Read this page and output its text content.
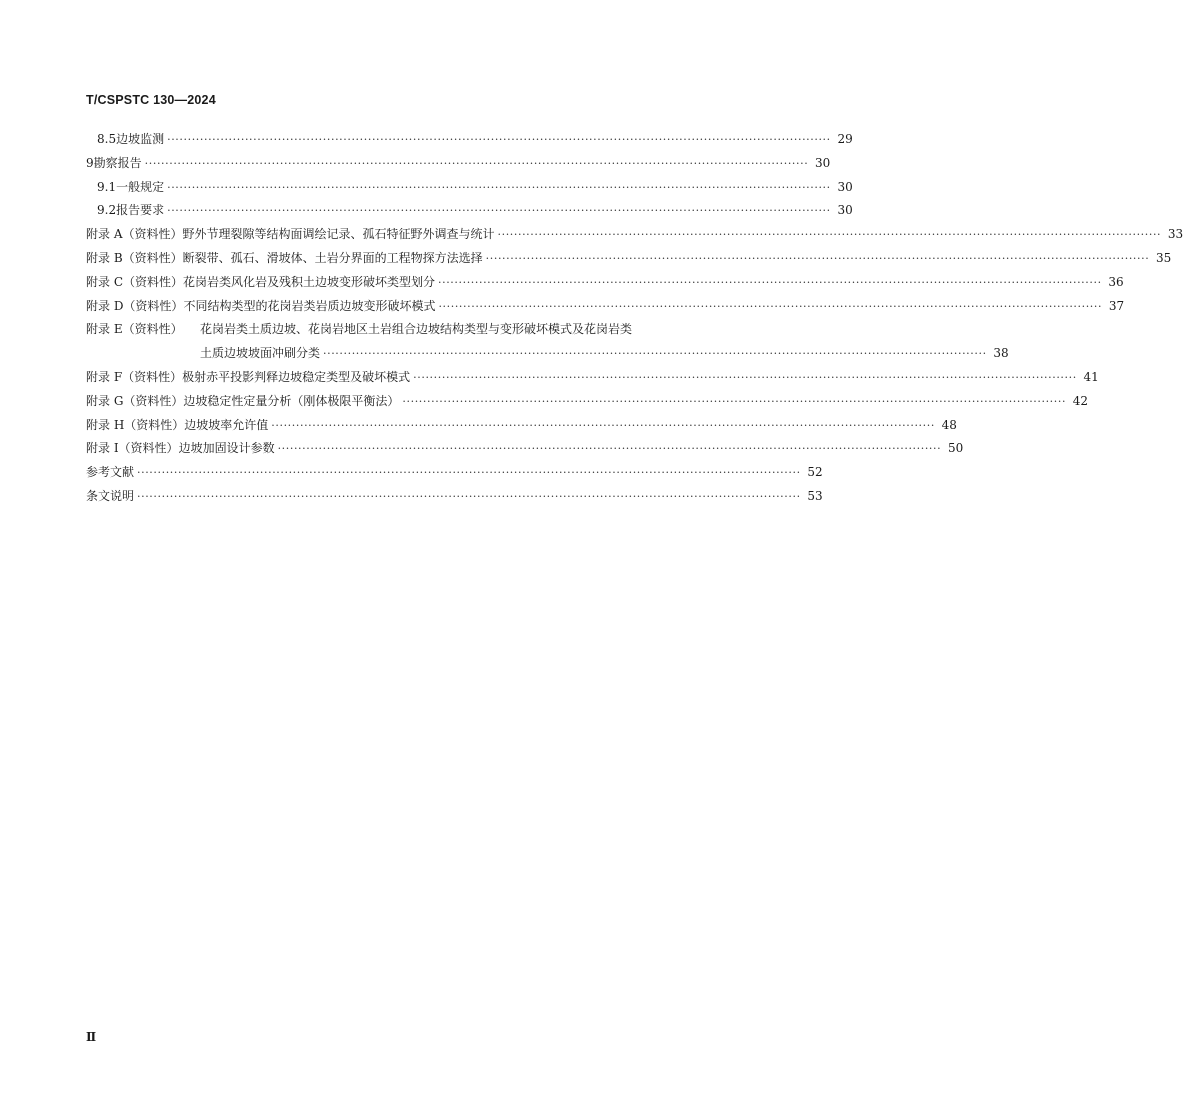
T/CSPSTC 130—2024
8.5 边坡监测 ·····	29
9 勘察报告 ·····	30
9.1 一般规定 ·····	30
9.2 报告要求 ·····	30
附录 A（资料性） 野外节理裂隙等结构面调绘记录、孤石特征野外调查与统计 ·····	33
附录 B（资料性） 断裂带、孤石、滑坡体、土岩分界面的工程物探方法选择 ·····	35
附录 C（资料性） 花岗岩类风化岩及残积土边坡变形破坏类型划分 ·····	36
附录 D（资料性） 不同结构类型的花岗岩类岩质边坡变形破坏模式 ·····	37
附录 E（资料性）	花岗岩类土质边坡、花岗岩地区土岩组合边坡结构类型与变形破坏模式及花岗岩类
土质边坡坡面冲刷分类 ·····	38
附录 F（资料性） 极射赤平投影判释边坡稳定类型及破坏模式 ·····	41
附录 G（资料性） 边坡稳定性定量分析（刚体极限平衡法） ·····	42
附录 H（资料性） 边坡坡率允许值 ·····	48
附录 I（资料性） 边坡加固设计参数 ·····	50
参考文献 ·····	52
条文说明 ·····	53
Ⅱ
